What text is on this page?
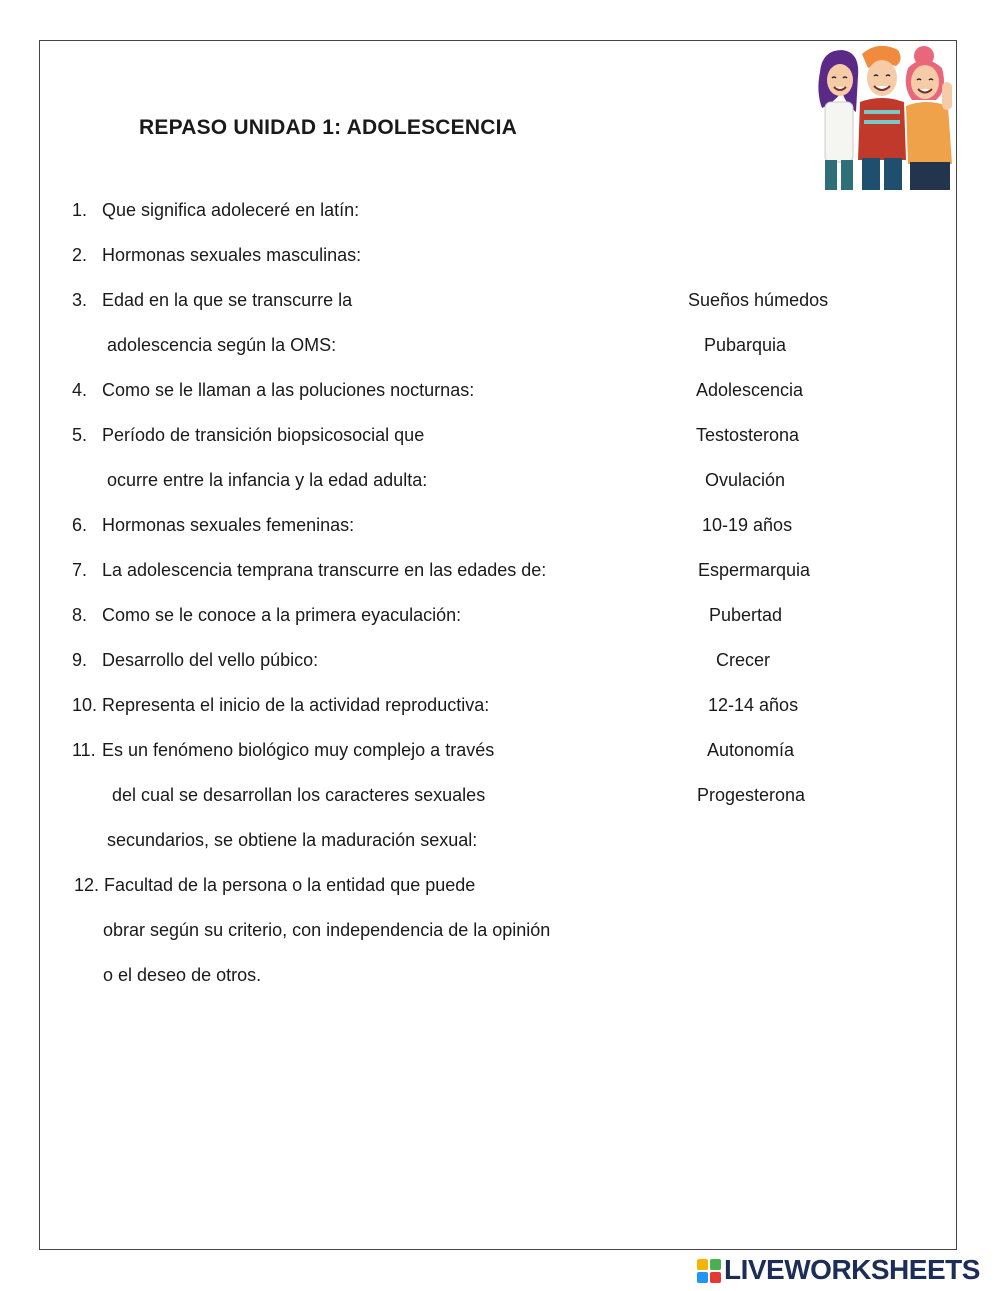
REPASO UNIDAD 1: ADOLESCENCIA
1. Que significa adoleceré en latín:
2. Hormonas sexuales masculinas:
3. Edad en la que se transcurre la
adolescencia según la OMS:
4. Como se le llaman a las poluciones nocturnas:
5. Período de transición biopsicosocial que
ocurre entre la infancia y la edad adulta:
6. Hormonas sexuales femeninas:
7. La adolescencia temprana transcurre en las edades de:
8. Como se le conoce a la primera eyaculación:
9. Desarrollo del vello púbico:
10. Representa el inicio de la actividad reproductiva:
11. Es un fenómeno biológico muy complejo a través
del cual se desarrollan los caracteres sexuales
secundarios, se obtiene la maduración sexual:
12. Facultad de la persona o la entidad que puede
obrar según su criterio, con independencia de la opinión
o el deseo de otros.
Sueños húmedos
Pubarquia
Adolescencia
Testosterona
Ovulación
10-19 años
Espermarquia
Pubertad
Crecer
12-14 años
Autonomía
Progesterona
LIVEWORKSHEETS
